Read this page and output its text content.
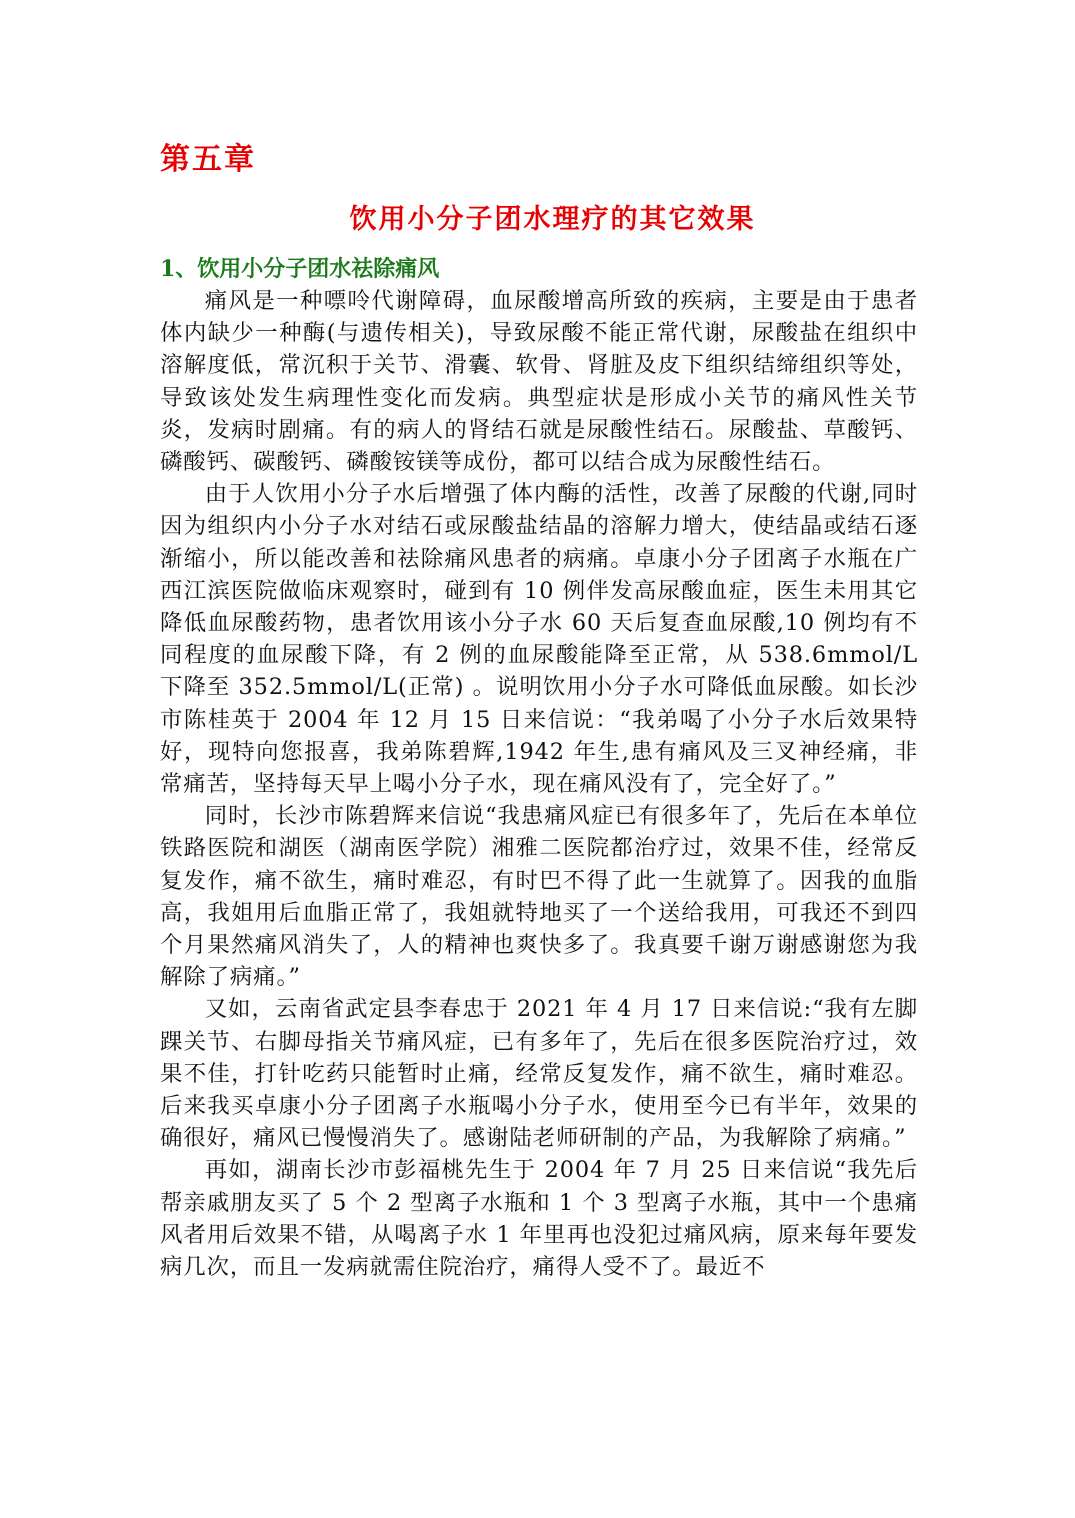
第五章
饮用小分子团水理疗的其它效果
1、饮用小分子团水祛除痛风

痛风是一种嘌呤代谢障碍，血尿酸增高所致的疾病，主要是由于患者体内缺少一种酶(与遗传相关)，导致尿酸不能正常代谢，尿酸盐在组织中溶解度低，常沉积于关节、滑囊、软骨、肾脏及皮下组织结缔组织等处，导致该处发生病理性变化而发病。典型症状是形成小关节的痛风性关节炎，发病时剧痛。有的病人的肾结石就是尿酸性结石。尿酸盐、草酸钙、磷酸钙、碳酸钙、磷酸铵镁等成份，都可以结合成为尿酸性结石。

由于人饮用小分子水后增强了体内酶的活性，改善了尿酸的代谢,同时因为组织内小分子水对结石或尿酸盐结晶的溶解力增大，使结晶或结石逐渐缩小，所以能改善和祛除痛风患者的病痛。卓康小分子团离子水瓶在广西江滨医院做临床观察时，碰到有 10 例伴发高尿酸血症，医生未用其它降低血尿酸药物，患者饮用该小分子水 60 天后复查血尿酸,10 例均有不同程度的血尿酸下降，有 2 例的血尿酸能降至正常，从 538.6mmol/L 下降至 352.5mmol/L(正常) 。说明饮用小分子水可降低血尿酸。如长沙市陈桂英于 2004 年 12 月 15 日来信说：“我弟喝了小分子水后效果特好，现特向您报喜，我弟陈碧辉,1942 年生,患有痛风及三叉神经痛，非常痛苦，坚持每天早上喝小分子水，现在痛风没有了，完全好了。”

同时，长沙市陈碧辉来信说“我患痛风症已有很多年了，先后在本单位铁路医院和湖医（湖南医学院）湘雅二医院都治疗过，效果不佳，经常反复发作，痛不欲生，痛时难忍，有时巴不得了此一生就算了。因我的血脂高，我姐用后血脂正常了，我姐就特地买了一个送给我用，可我还不到四个月果然痛风消失了，人的精神也爽快多了。我真要千谢万谢感谢您为我解除了病痛。”

又如，云南省武定县李春忠于 2021 年 4 月 17 日来信说:“我有左脚踝关节、右脚母指关节痛风症，已有多年了，先后在很多医院治疗过，效果不佳，打针吃药只能暂时止痛，经常反复发作，痛不欲生，痛时难忍。后来我买卓康小分子团离子水瓶喝小分子水，使用至今已有半年，效果的确很好，痛风已慢慢消失了。感谢陆老师研制的产品，为我解除了病痛。”

再如，湖南长沙市彭福桃先生于 2004 年 7 月 25 日来信说“我先后帮亲戚朋友买了 5 个 2 型离子水瓶和 1 个 3 型离子水瓶，其中一个患痛风者用后效果不错，从喝离子水 1 年里再也没犯过痛风病，原来每年要发病几次，而且一发病就需住院治疗，痛得人受不了。最近不
